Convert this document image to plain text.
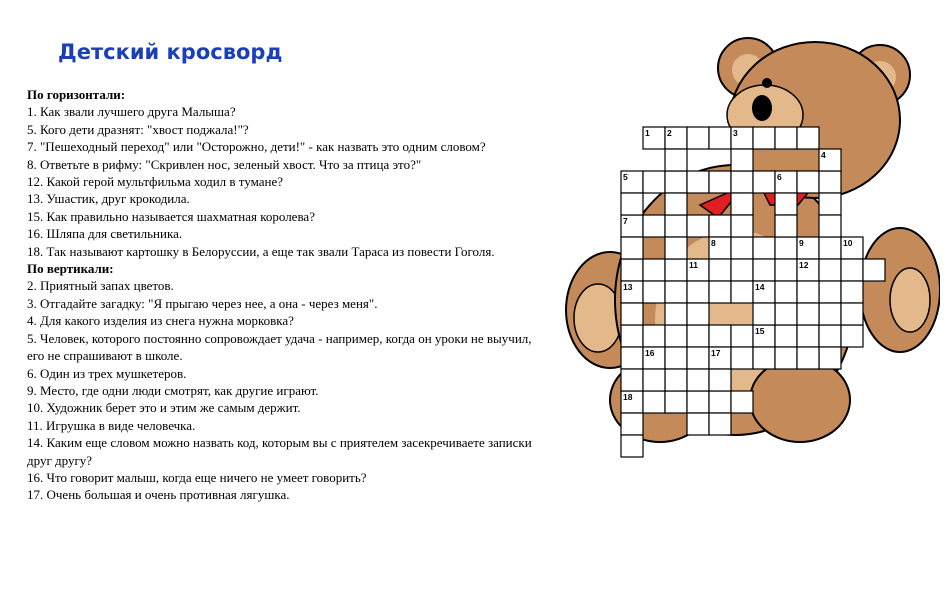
Детский кросворд
По горизонтали:
1. Как звали лучшего друга Малыша?
5. Кого дети дразнят: "хвост поджала!"?
7. "Пешеходный переход" или "Осторожно, дети!" - как назвать это одним словом?
8. Ответьте в рифму: "Скривлен нос, зеленый хвост. Что за птица это?"
12. Какой герой мультфильма ходил в тумане?
13. Ушастик, друг крокодила.
15. Как правильно называется шахматная королева?
16. Шляпа для светильника.
18. Так называют картошку в Белоруссии, а еще так звали Тараса из повести Гоголя.
По вертикали:
2. Приятный запах цветов.
3. Отгадайте загадку: "Я прыгаю через нее, а она - через меня".
4. Для какого изделия из снега нужна морковка?
5. Человек, которого постоянно сопровождает удача - например, когда он уроки не выучил, его не спрашивают в школе.
6. Один из трех мушкетеров.
9. Место, где одни люди смотрят, как другие играют.
10. Художник берет это и этим же самым держит.
11. Игрушка в виде человечка.
14. Каким еще словом можно назвать код, которым вы с приятелем засекречиваете записки друг другу?
16. Что говорит малыш, когда еще ничего не умеет говорить?
17. Очень большая и очень противная лягушка.
1 2	3
4
5	6
7
8	9	10
11	12
13	14
15
16	17
18
